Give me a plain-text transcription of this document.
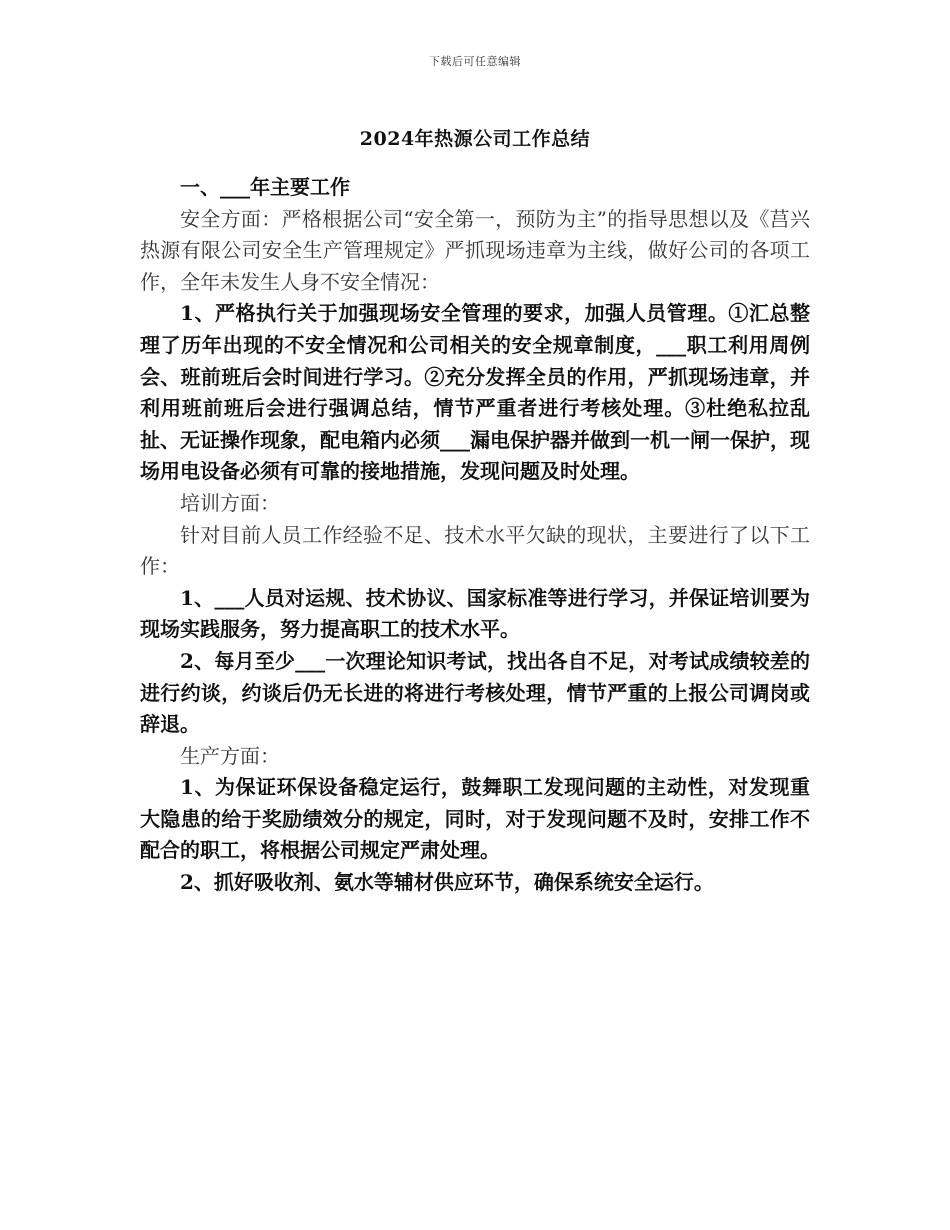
下载后可任意编辑
2024年热源公司工作总结

一、___年主要工作

安全方面：严格根据公司“安全第一，预防为主”的指导思想以及《莒兴热源有限公司安全生产管理规定》严抓现场违章为主线，做好公司的各项工作，全年未发生人身不安全情况：

1、严格执行关于加强现场安全管理的要求，加强人员管理。①汇总整理了历年出现的不安全情况和公司相关的安全规章制度，___职工利用周例会、班前班后会时间进行学习。②充分发挥全员的作用，严抓现场违章，并利用班前班后会进行强调总结，情节严重者进行考核处理。③杜绝私拉乱扯、无证操作现象，配电箱内必须___漏电保护器并做到一机一闸一保护，现场用电设备必须有可靠的接地措施，发现问题及时处理。

培训方面：

针对目前人员工作经验不足、技术水平欠缺的现状，主要进行了以下工作：

1、___人员对运规、技术协议、国家标准等进行学习，并保证培训要为现场实践服务，努力提高职工的技术水平。

2、每月至少___一次理论知识考试，找出各自不足，对考试成绩较差的进行约谈，约谈后仍无长进的将进行考核处理，情节严重的上报公司调岗或辞退。

生产方面：

1、为保证环保设备稳定运行，鼓舞职工发现问题的主动性，对发现重大隐患的给于奖励绩效分的规定，同时，对于发现问题不及时，安排工作不配合的职工，将根据公司规定严肃处理。

2、抓好吸收剂、氨水等辅材供应环节，确保系统安全运行。
